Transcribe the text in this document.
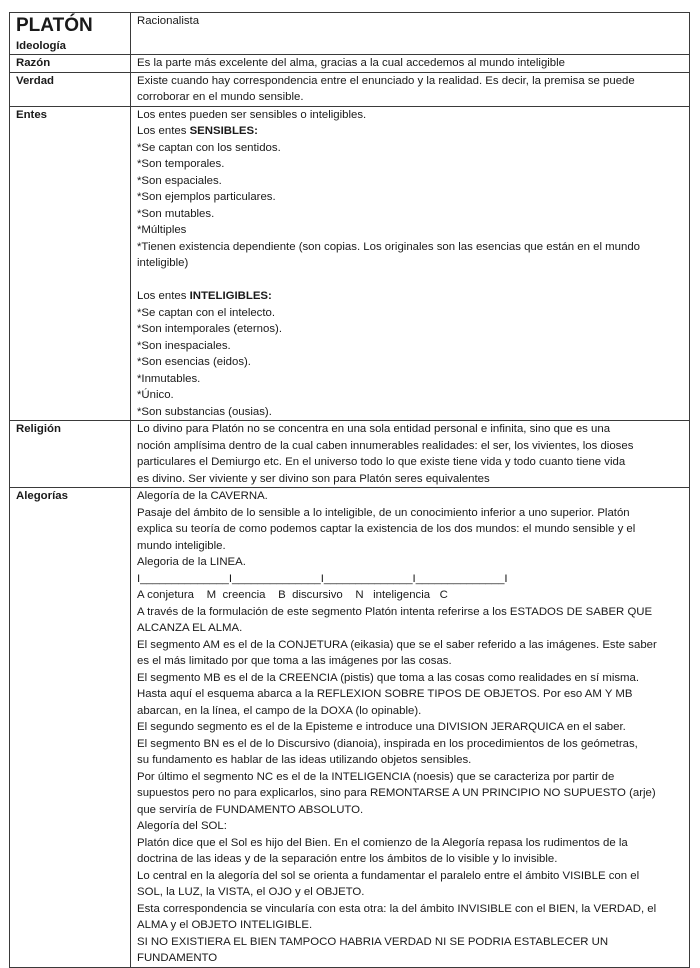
PLATÓN
Ideología	Racionalista

Razón	Es la parte más excelente del alma, gracias a la cual accedemos al mundo inteligible
Verdad	Existe cuando hay correspondencia entre el enunciado y la realidad. Es decir, la premisa se puede
corroborar en el mundo sensible.

Entes	Los entes pueden ser sensibles o inteligibles.
Los entes SENSIBLES:
*Se captan con los sentidos.
*Son temporales.
*Son espaciales.
*Son ejemplos particulares.
*Son mutables.
*Múltiples
*Tienen existencia dependiente (son copias. Los originales son las esencias que están en el mundo
inteligible)
Los entes INTELIGIBLES:
*Se captan con el intelecto.
*Son intemporales (eternos).
*Son inespaciales.
*Son esencias (eidos).
*Inmutables.
*Único.
*Son substancias (ousias).

Religión	Lo divino para Platón no se concentra en una sola entidad personal e infinita, sino que es una
noción amplísima dentro de la cual caben innumerables realidades: el ser, los vivientes, los dioses
particulares el Demiurgo etc. En el universo todo lo que existe tiene vida y todo cuanto tiene vida
es divino. Ser viviente y ser divino son para Platón seres equivalentes

Alegorías	Alegoría de la CAVERNA.
Pasaje del ámbito de lo sensible a lo inteligible, de un conocimiento inferior a uno superior. Platón
explica su teoría de como podemos captar la existencia de los dos mundos: el mundo sensible y el
mundo inteligible.
Alegoria de la LINEA.
I______________I______________I______________I______________I
A conjetura    M  creencia    B  discursivo    N   inteligencia   C
A través de la formulación de este segmento Platón intenta referirse a los ESTADOS DE SABER QUE
ALCANZA EL ALMA.
El segmento AM es el de la CONJETURA (eikasia) que se el saber referido a las imágenes. Este saber
es el más limitado por que toma a las imágenes por las cosas.
El segmento MB es el de la CREENCIA (pistis) que toma a las cosas como realidades en sí misma.
Hasta aquí el esquema abarca a la REFLEXION SOBRE TIPOS DE OBJETOS. Por eso AM Y MB
abarcan, en la línea, el campo de la DOXA (lo opinable).
El segundo segmento es el de la Episteme e introduce una DIVISION JERARQUICA en el saber.
El segmento BN es el de lo Discursivo (dianoia), inspirada en los procedimientos de los geómetras,
su fundamento es hablar de las ideas utilizando objetos sensibles.
Por último el segmento NC es el de la INTELIGENCIA (noesis) que se caracteriza por partir de
supuestos pero no para explicarlos, sino para REMONTARSE A UN PRINCIPIO NO SUPUESTO (arje)
que serviría de FUNDAMENTO ABSOLUTO.
Alegoría del SOL:
Platón dice que el Sol es hijo del Bien. En el comienzo de la Alegoría repasa los rudimentos de la
doctrina de las ideas y de la separación entre los ámbitos de lo visible y lo invisible.
Lo central en la alegoría del sol se orienta a fundamentar el paralelo entre el ámbito VISIBLE con el
SOL, la LUZ, la VISTA, el OJO y el OBJETO.
Esta correspondencia se vincularía con esta otra: la del ámbito INVISIBLE con el BIEN, la VERDAD, el
ALMA y el OBJETO INTELIGIBLE.
SI NO EXISTIERA EL BIEN TAMPOCO HABRIA VERDAD NI SE PODRIA ESTABLECER UN FUNDAMENTO
